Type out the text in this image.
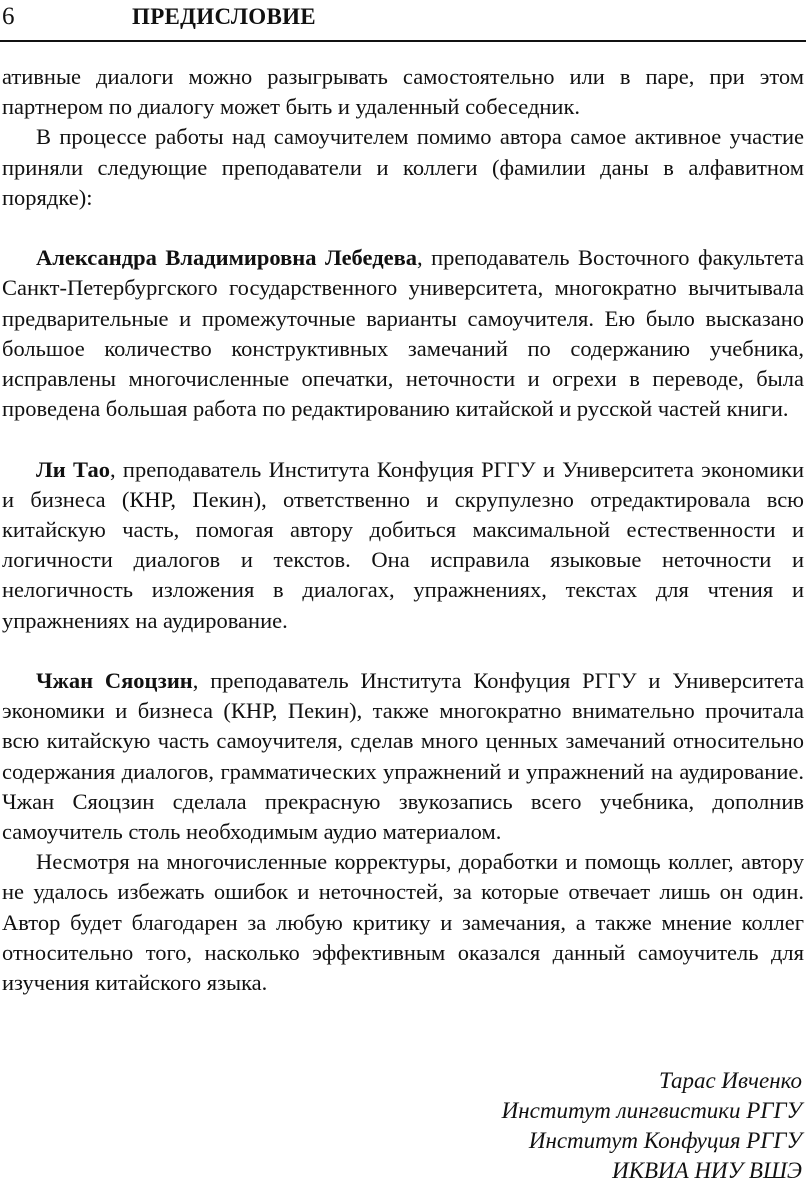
6	ПРЕДИСЛОВИЕ

ативные диалоги можно разыгрывать самостоятельно или в паре, при этом партнером по диалогу может быть и удаленный собеседник.

В процессе работы над самоучителем помимо автора самое активное участие приняли следующие преподаватели и коллеги (фамилии даны в алфавитном порядке):

Александра Владимировна Лебедева, преподаватель Восточного факультета Санкт-Петербургского государственного университета, многократно вычитывала предварительные и промежуточные варианты самоучителя. Ею было высказано большое количество конструктивных замечаний по содержанию учебника, исправлены многочисленные опечатки, неточности и огрехи в переводе, была проведена большая работа по редактированию китайской и русской частей книги.

Ли Тао, преподаватель Института Конфуция РГГУ и Университета экономики и бизнеса (КНР, Пекин), ответственно и скрупулезно отредактировала всю китайскую часть, помогая автору добиться максимальной естественности и логичности диалогов и текстов. Она исправила языковые неточности и нелогичность изложения в диалогах, упражнениях, текстах для чтения и упражнениях на аудирование.

Чжан Сяоцзин, преподаватель Института Конфуция РГГУ и Университета экономики и бизнеса (КНР, Пекин), также многократно внимательно прочитала всю китайскую часть самоучителя, сделав много ценных замечаний относительно содержания диалогов, грамматических упражнений и упражнений на аудирование. Чжан Сяоцзин сделала прекрасную звукозапись всего учебника, дополнив самоучитель столь необходимым аудио материалом.

Несмотря на многочисленные корректуры, доработки и помощь коллег, автору не удалось избежать ошибок и неточностей, за которые отвечает лишь он один. Автор будет благодарен за любую критику и замечания, а также мнение коллег относительно того, насколько эффективным оказался данный самоучитель для изучения китайского языка.

Тарас Ивченко
Институт лингвистики РГГУ
Институт Конфуция РГГУ
ИКВИА НИУ ВШЭ
